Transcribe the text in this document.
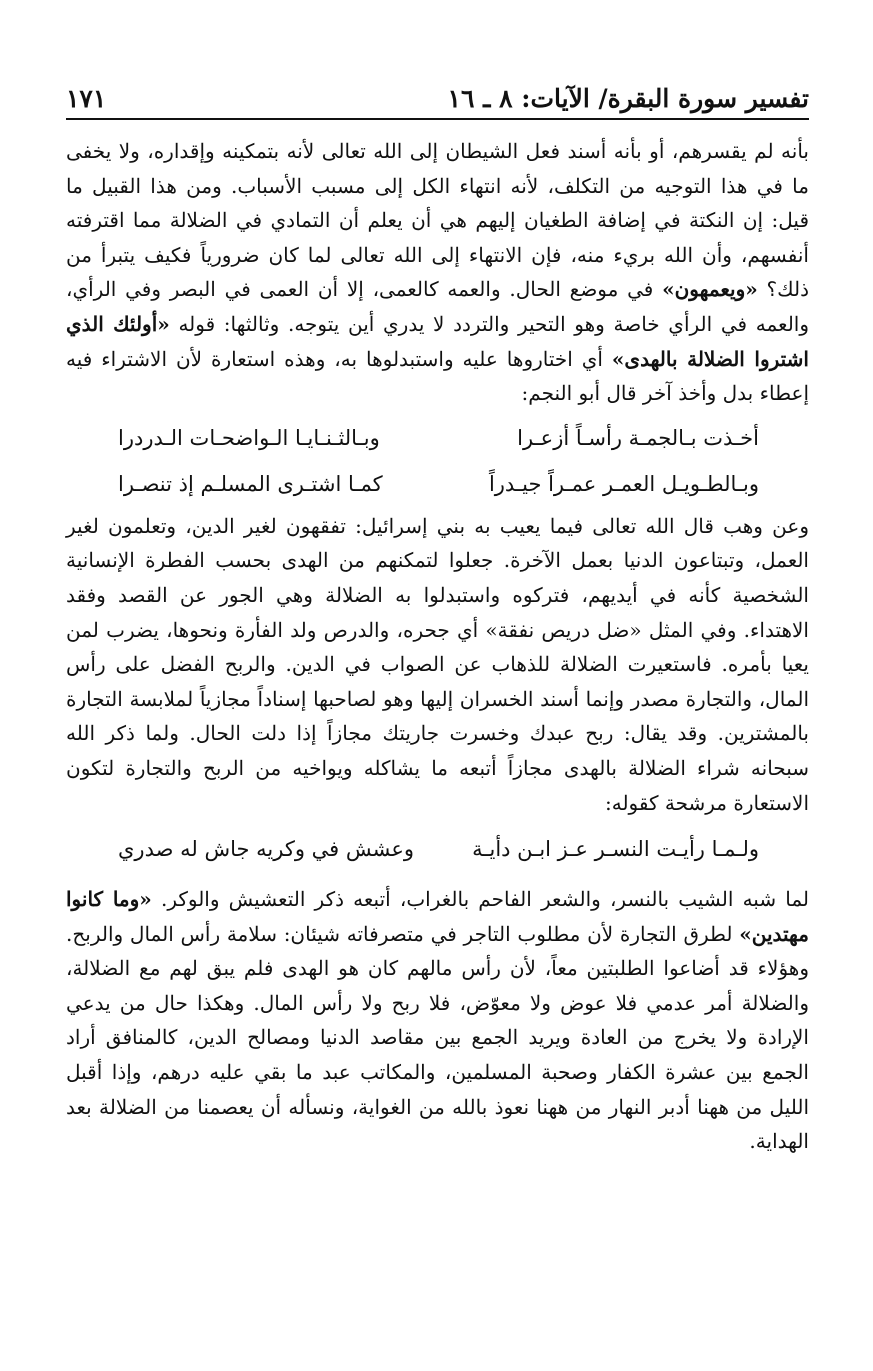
تفسير سورة البقرة/ الآيات: ٨ ـ ١٦
١٧١

بأنه لم يقسرهم، أو بأنه أسند فعل الشيطان إلى الله تعالى لأنه بتمكينه وإقداره، ولا يخفى ما في هذا التوجيه من التكلف، لأنه انتهاء الكل إلى مسبب الأسباب. ومن هذا القبيل ما قيل: إن النكتة في إضافة الطغيان إليهم هي أن يعلم أن التمادي في الضلالة مما اقترفته أنفسهم، وأن الله بريء منه، فإن الانتهاء إلى الله تعالى لما كان ضرورياً فكيف يتبرأ من ذلك؟ «ويعمهون» في موضع الحال. والعمه كالعمى، إلا أن العمى في البصر وفي الرأي، والعمه في الرأي خاصة وهو التحير والتردد لا يدري أين يتوجه. وثالثها: قوله «أولئك الذي اشتروا الضلالة بالهدى» أي اختاروها عليه واستبدلوها به، وهذه استعارة لأن الاشتراء فيه إعطاء بدل وأخذ آخر قال أبو النجم:

أخـذت بـالجمـة رأسـاً أزعـرا
وبـالثـنـايـا الـواضحـات الـدردرا
وبـالطـويـل العمـر عمـراً جيـدراً
كمـا اشتـرى المسلـم إذ تنصـرا

وعن وهب قال الله تعالى فيما يعيب به بني إسرائيل: تفقهون لغير الدين، وتعلمون لغير العمل، وتبتاعون الدنيا بعمل الآخرة. جعلوا لتمكنهم من الهدى بحسب الفطرة الإنسانية الشخصية كأنه في أيديهم، فتركوه واستبدلوا به الضلالة وهي الجور عن القصد وفقد الاهتداء. وفي المثل «ضل دريص نفقة» أي جحره، والدرص ولد الفأرة ونحوها، يضرب لمن يعيا بأمره. فاستعيرت الضلالة للذهاب عن الصواب في الدين. والربح الفضل على رأس المال، والتجارة مصدر وإنما أسند الخسران إليها وهو لصاحبها إسناداً مجازياً لملابسة التجارة بالمشترين. وقد يقال: ربح عبدك وخسرت جاريتك مجازاً إذا دلت الحال. ولما ذكر الله سبحانه شراء الضلالة بالهدى مجازاً أتبعه ما يشاكله ويواخيه من الربح والتجارة لتكون الاستعارة مرشحة كقوله:

ولـمـا رأيـت النسـر عـز ابـن دأيـة
وعشش في وكريه جاش له صدري

لما شبه الشيب بالنسر، والشعر الفاحم بالغراب، أتبعه ذكر التعشيش والوكر. «وما كانوا مهتدين» لطرق التجارة لأن مطلوب التاجر في متصرفاته شيئان: سلامة رأس المال والربح. وهؤلاء قد أضاعوا الطلبتين معاً، لأن رأس مالهم كان هو الهدى فلم يبق لهم مع الضلالة، والضلالة أمر عدمي فلا عوض ولا معوّض، فلا ربح ولا رأس المال. وهكذا حال من يدعي الإرادة ولا يخرج من العادة ويريد الجمع بين مقاصد الدنيا ومصالح الدين، كالمنافق أراد الجمع بين عشرة الكفار وصحبة المسلمين، والمكاتب عبد ما بقي عليه درهم، وإذا أقبل الليل من ههنا أدبر النهار من ههنا نعوذ بالله من الغواية، ونسأله أن يعصمنا من الضلالة بعد الهداية.
